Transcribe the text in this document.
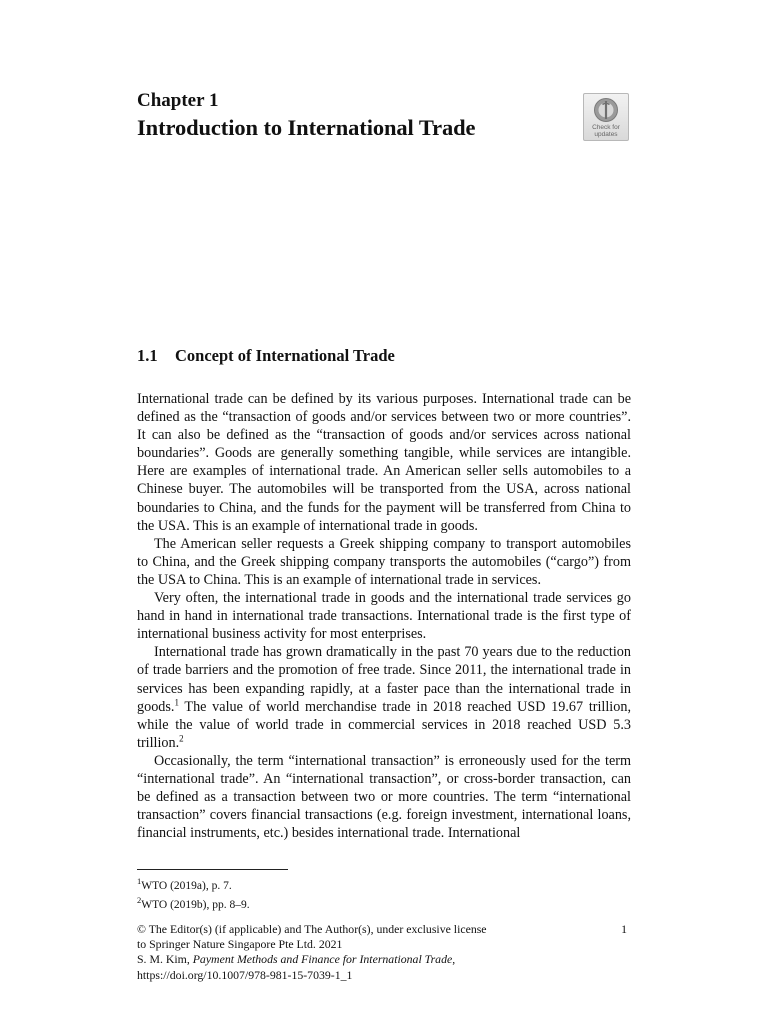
Chapter 1
Introduction to International Trade	Check for
updates
1.1 Concept of International Trade

International trade can be defined by its various purposes. International trade can be defined as the “transaction of goods and/or services between two or more countries”. It can also be defined as the “transaction of goods and/or services across national boundaries”. Goods are generally something tangible, while services are intangible. Here are examples of international trade. An American seller sells automobiles to a Chinese buyer. The automobiles will be transported from the USA, across national boundaries to China, and the funds for the payment will be transferred from China to the USA. This is an example of international trade in goods.

The American seller requests a Greek shipping company to transport automobiles to China, and the Greek shipping company transports the automobiles (“cargo”) from the USA to China. This is an example of international trade in services.

Very often, the international trade in goods and the international trade services go hand in hand in international trade transactions. International trade is the first type of international business activity for most enterprises.

International trade has grown dramatically in the past 70 years due to the reduction of trade barriers and the promotion of free trade. Since 2011, the international trade in services has been expanding rapidly, at a faster pace than the international trade in goods.$^1$ The value of world merchandise trade in 2018 reached USD 19.67 trillion, while the value of world trade in commercial services in 2018 reached USD 5.3 trillion.$^2$

Occasionally, the term “international transaction” is erroneously used for the term “international trade”. An “international transaction”, or cross-border transaction, can be defined as a transaction between two or more countries. The term “international transaction” covers financial transactions (e.g. foreign investment, international loans, financial instruments, etc.) besides international trade. International

$^1$WTO (2019a), p. 7.
$^2$WTO (2019b), pp. 8–9.
© The Editor(s) (if applicable) and The Author(s), under exclusive license
to Springer Nature Singapore Pte Ltd. 2021
S. M. Kim, Payment Methods and Finance for International Trade,
https://doi.org/10.1007/978-981-15-7039-1_1
1
